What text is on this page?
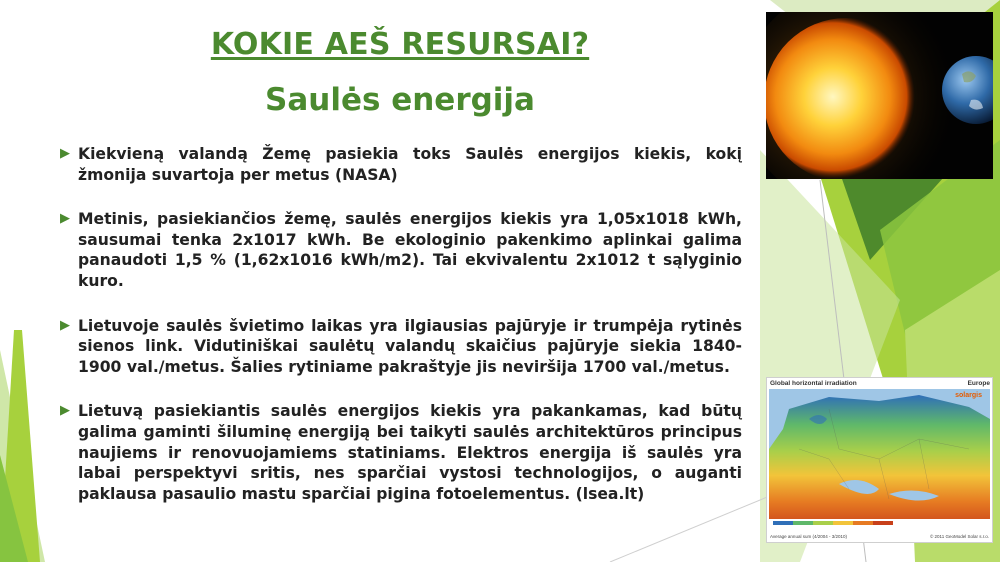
KOKIE AEŠ RESURSAI?
Saulės energija
▶ Kiekvieną valandą Žemę pasiekia toks Saulės energijos kiekis, kokį žmonija suvartoja per metus (NASA)
▶ Metinis, pasiekiančios žemę, saulės energijos kiekis yra 1,05x1018 kWh, sausumai tenka 2x1017 kWh. Be ekologinio pakenkimo aplinkai galima panaudoti 1,5 % (1,62x1016 kWh/m2). Tai ekvivalentu 2x1012 t sąlyginio kuro.
▶ Lietuvoje saulės švietimo laikas yra ilgiausias pajūryje ir trumpėja rytinės sienos link. Vidutiniškai saulėtų valandų skaičius pajūryje siekia 1840-1900 val./metus. Šalies rytiniame pakraštyje jis neviršija 1700 val./metus.
▶ Lietuvą pasiekiantis saulės energijos kiekis yra pakankamas, kad būtų galima gaminti šiluminę energiją bei taikyti saulės architektūros principus naujiems ir renovuojamiems statiniams. Elektros energija iš saulės yra labai perspektyvi sritis, nes sparčiai vystosi technologijos, o auganti paklausa pasaulio mastu sparčiai pigina fotoelementus. (lsea.lt)
Global horizontal irradiation	Europe
solargis
Average annual sum (4/2004 - 3/2010)	© 2011 GeoModel Solar s.r.o.
